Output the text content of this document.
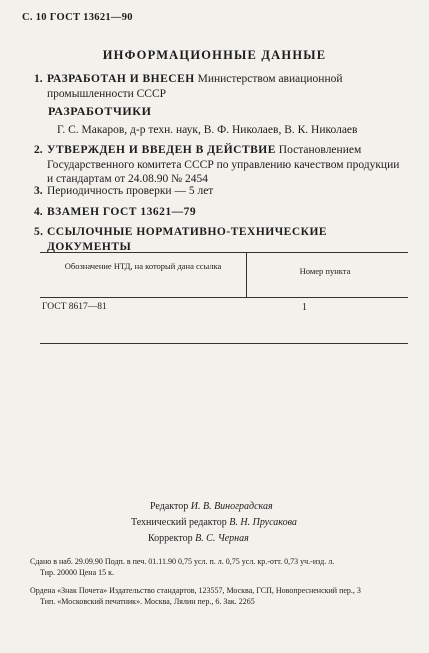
С. 10 ГОСТ 13621—90
ИНФОРМАЦИОННЫЕ ДАННЫЕ
1. РАЗРАБОТАН И ВНЕСЕН Министерством авиационной промышленности СССР
РАЗРАБОТЧИКИ
Г. С. Макаров, д-р техн. наук, В. Ф. Николаев, В. К. Николаев
2. УТВЕРЖДЕН И ВВЕДЕН В ДЕЙСТВИЕ Постановлением Государственного комитета СССР по управлению качеством продукции и стандартам от 24.08.90 № 2454
3. Периодичность проверки — 5 лет
4. ВЗАМЕН ГОСТ 13621—79
5. ССЫЛОЧНЫЕ НОРМАТИВНО-ТЕХНИЧЕСКИЕ ДОКУМЕНТЫ
Обозначение НТД, на который дана ссылка	Номер пункта
ГОСТ 8617—81	1
Редактор И. В. Виноградская
Технический редактор В. Н. Прусакова
Корректор В. С. Черная
Сдано в наб. 29.09.90 Подп. в печ. 01.11.90 0,75 усл. п. л. 0,75 усл. кр.-отт. 0,73 уч.-изд. л.
Тир. 20000 Цена 15 к.
Ордена «Знак Почета» Издательство стандартов, 123557, Москва, ГСП, Новопресненский пер., 3
Тип. «Московский печатник». Москва, Лялин пер., 6. Зак. 2265
